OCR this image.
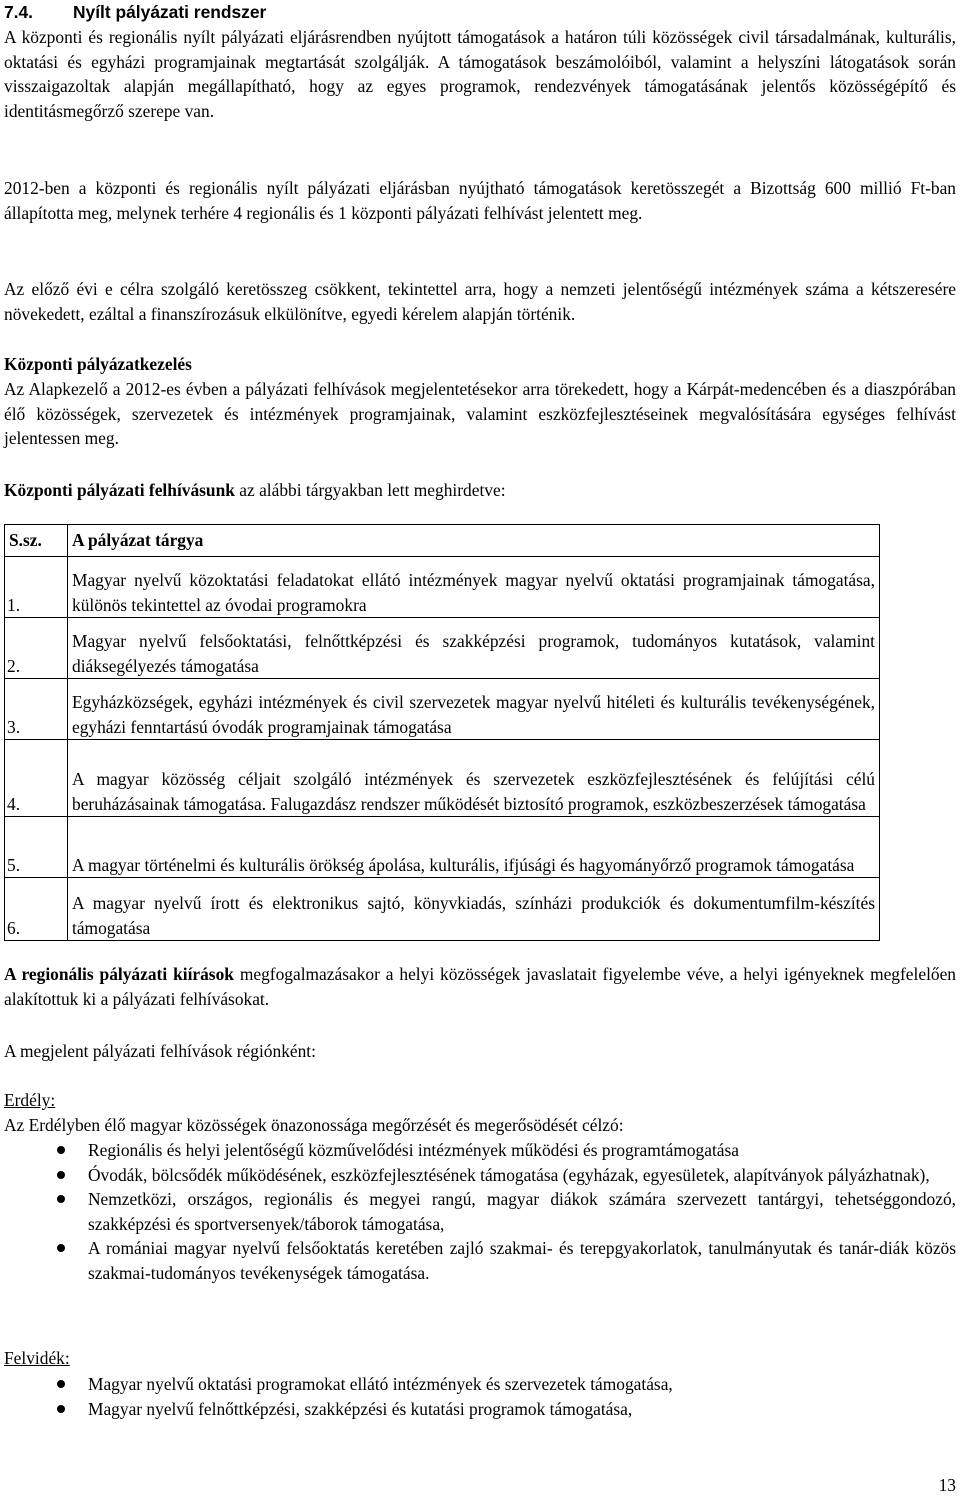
7.4. Nyílt pályázati rendszer
A központi és regionális nyílt pályázati eljárásrendben nyújtott támogatások a határon túli közösségek civil társadalmának, kulturális, oktatási és egyházi programjainak megtartását szolgálják. A támogatások beszámolóiból, valamint a helyszíni látogatások során visszaigazoltak alapján megállapítható, hogy az egyes programok, rendezvények támogatásának jelentős közösségépítő és identitásmegőrző szerepe van.
2012-ben a központi és regionális nyílt pályázati eljárásban nyújtható támogatások keretösszegét a Bizottság 600 millió Ft-ban állapította meg, melynek terhére 4 regionális és 1 központi pályázati felhívást jelentett meg.
Az előző évi e célra szolgáló keretösszeg csökkent, tekintettel arra, hogy a nemzeti jelentőségű intézmények száma a kétszeresére növekedett, ezáltal a finanszírozásuk elkülönítve, egyedi kérelem alapján történik.
Központi pályázatkezelés
Az Alapkezelő a 2012-es évben a pályázati felhívások megjelentetésekor arra törekedett, hogy a Kárpát-medencében és a diaszpórában élő közösségek, szervezetek és intézmények programjainak, valamint eszközfejlesztéseinek megvalósítására egységes felhívást jelentessen meg.
Központi pályázati felhívásunk az alábbi tárgyakban lett meghirdetve:
S.sz.	A pályázat tárgya
1.	Magyar nyelvű közoktatási feladatokat ellátó intézmények magyar nyelvű oktatási programjainak támogatása, különös tekintettel az óvodai programokra
2.	Magyar nyelvű felsőoktatási, felnőttképzési és szakképzési programok, tudományos kutatások, valamint diáksegélyezés támogatása
3.	Egyházközségek, egyházi intézmények és civil szervezetek magyar nyelvű hitéleti és kulturális tevékenységének, egyházi fenntartású óvodák programjainak támogatása
4.	A magyar közösség céljait szolgáló intézmények és szervezetek eszközfejlesztésének és felújítási célú beruházásainak támogatása. Falugazdász rendszer működését biztosító programok, eszközbeszerzések támogatása
5.	A magyar történelmi és kulturális örökség ápolása, kulturális, ifjúsági és hagyományőrző programok támogatása
6.	A magyar nyelvű írott és elektronikus sajtó, könyvkiadás, színházi produkciók és dokumentumfilm-készítés támogatása
A regionális pályázati kiírások megfogalmazásakor a helyi közösségek javaslatait figyelembe véve, a helyi igényeknek megfelelően alakítottuk ki a pályázati felhívásokat.
A megjelent pályázati felhívások régiónként:
Erdély:
Az Erdélyben élő magyar közösségek önazonossága megőrzését és megerősödését célzó:
Regionális és helyi jelentőségű közművelődési intézmények működési és programtámogatása
Óvodák, bölcsődék működésének, eszközfejlesztésének támogatása (egyházak, egyesületek, alapítványok pályázhatnak),
Nemzetközi, országos, regionális és megyei rangú, magyar diákok számára szervezett tantárgyi, tehetséggondozó, szakképzési és sportversenyek/táborok támogatása,
A romániai magyar nyelvű felsőoktatás keretében zajló szakmai- és terepgyakorlatok, tanulmányutak és tanár-diák közös szakmai-tudományos tevékenységek támogatása.
Felvidék:
Magyar nyelvű oktatási programokat ellátó intézmények és szervezetek támogatása,
Magyar nyelvű felnőttképzési, szakképzési és kutatási programok támogatása,
13
